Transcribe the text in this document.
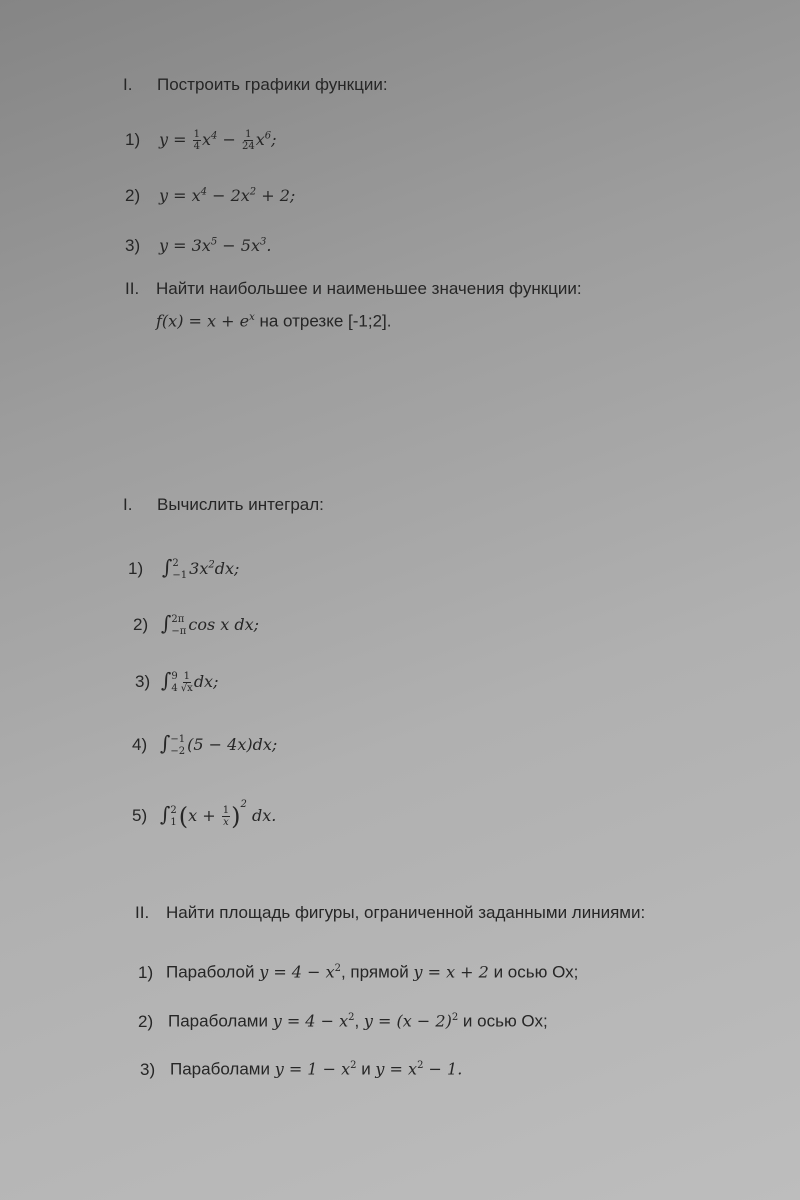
I. Построить графики функции:
1) $y = \frac{1}{4} x^4 - \frac{1}{24} x^6$;
2) $y = x^4 - 2x^2 + 2$;
3) $y = 3x^5 - 5x^3$.
II. Найти наибольшее и наименьшее значения функции:
$f(x) = x + e^x$ на отрезке [-1;2].
I. Вычислить интеграл:
1) ∫ 2
−1 $3x^2dx$;
2) ∫ 2π
−π cos x dx;
3) ∫ 9
$4 \frac{1}{√x}$ dx;
4) ∫ −1
−2 (5 − 4x)dx;
5) ∫ 2
1 $(x + \frac{1}{x} )^2$ dx.
II. Найти площадь фигуры, ограниченной заданными линиями:
1) Параболой $y = 4 - x^2$, прямой y = x + 2 и осью Ох;
2) Параболами $y = 4 - x^2$, $y = (x - 2)^2$ и осью Ох;
3) Параболами $y = 1 - x^2$ и $y = x^2 - 1$.
